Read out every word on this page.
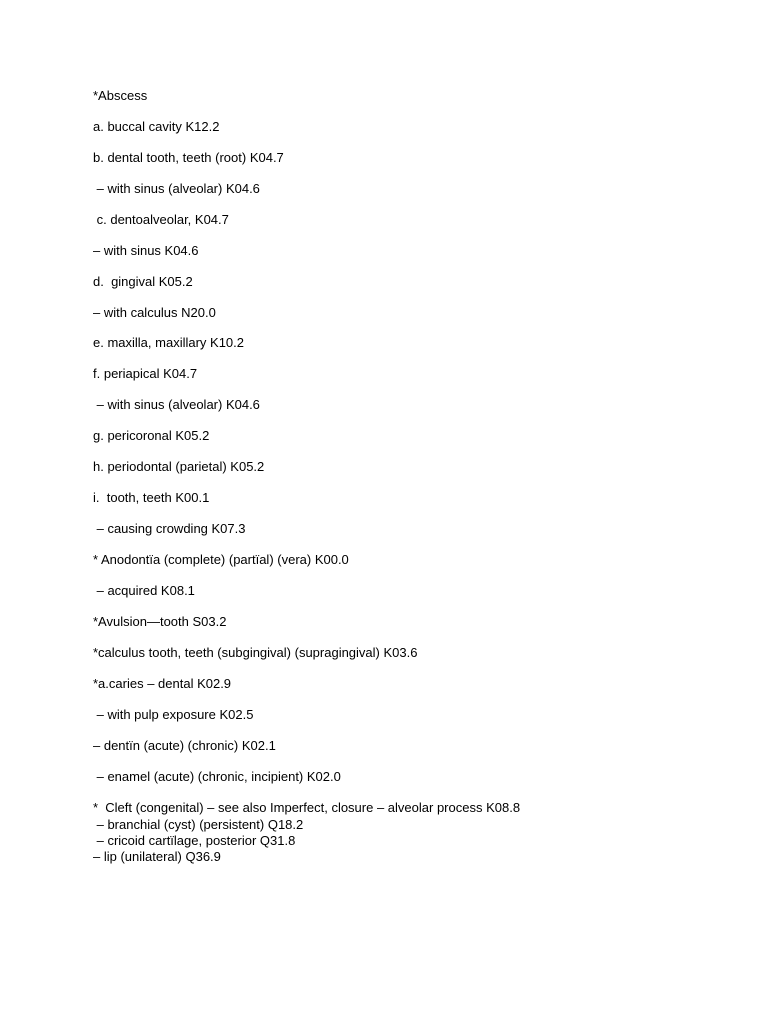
*Abscess
a. buccal cavity K12.2
b. dental tooth, teeth (root) K04.7
– with sinus (alveolar) K04.6
c. dentoalveolar, K04.7
– with sinus K04.6
d.  gingival K05.2
– with calculus N20.0
e. maxilla, maxillary K10.2
f. periapical K04.7
– with sinus (alveolar) K04.6
g. pericoronal K05.2
h. periodontal (parietal) K05.2
i.  tooth, teeth K00.1
– causing crowding K07.3
* Anodontïa (complete) (partïal) (vera) K00.0
– acquired K08.1
*Avulsion—tooth S03.2
*calculus tooth, teeth (subgingival) (supragingival) K03.6
*a.caries – dental K02.9
– with pulp exposure K02.5
– dentïn (acute) (chronic) K02.1
– enamel (acute) (chronic, incipient) K02.0
*  Cleft (congenital) – see also Imperfect, closure – alveolar process K08.8
– branchial (cyst) (persistent) Q18.2
– cricoid cartïlage, posterior Q31.8
– lip (unilateral) Q36.9
